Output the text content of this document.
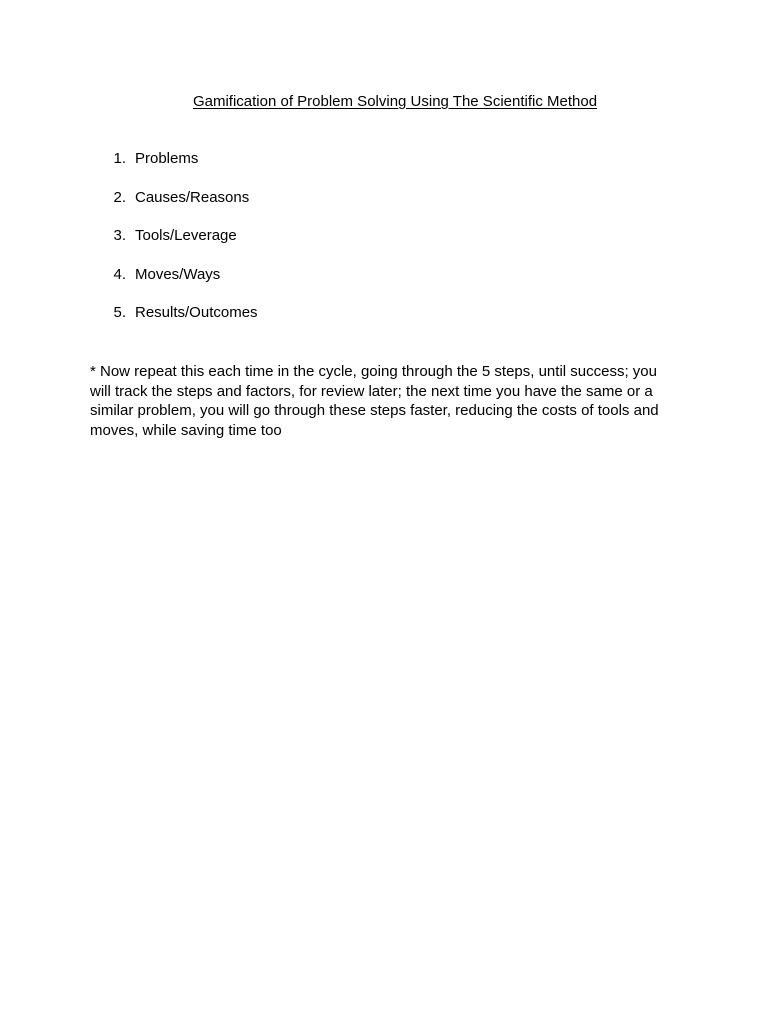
Gamification of Problem Solving Using The Scientific Method
1. Problems
2. Causes/Reasons
3. Tools/Leverage
4. Moves/Ways
5. Results/Outcomes

* Now repeat this each time in the cycle, going through the 5 steps, until success; you will track the steps and factors, for review later; the next time you have the same or a similar problem, you will go through these steps faster, reducing the costs of tools and moves, while saving time too
